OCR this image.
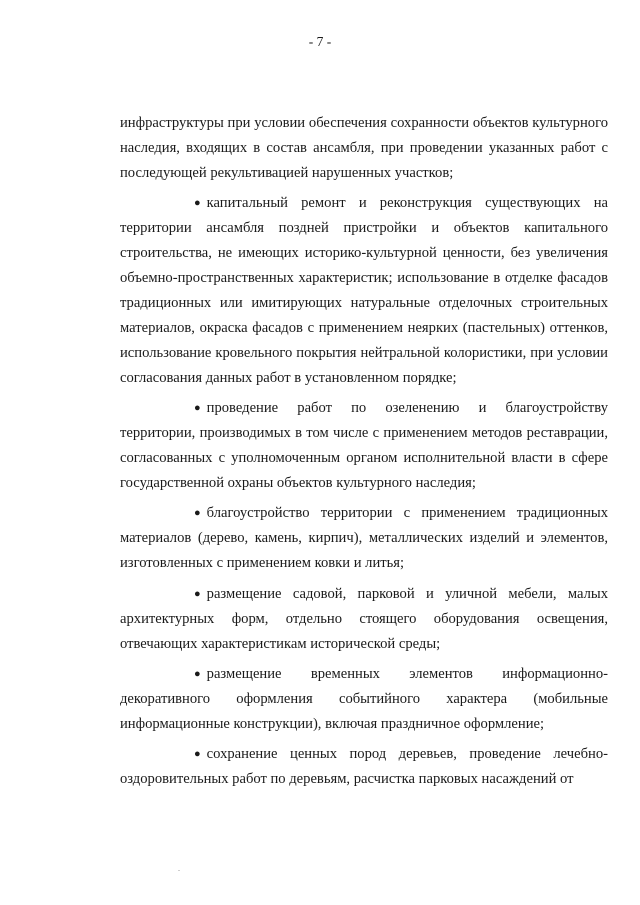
- 7 -

инфраструктуры при условии обеспечения сохранности объектов культурного наследия, входящих в состав ансамбля, при проведении указанных работ с последующей рекультивацией нарушенных участков;

● капитальный ремонт и реконструкция существующих на территории ансамбля поздней пристройки и объектов капитального строительства, не имеющих историко-культурной ценности, без увеличения объемно-пространственных характеристик; использование в отделке фасадов традиционных или имитирующих натуральные отделочных строительных материалов, окраска фасадов с применением неярких (пастельных) оттенков, использование кровельного покрытия нейтральной колористики, при условии согласования данных работ в установленном порядке;

● проведение работ по озеленению и благоустройству территории, производимых в том числе с применением методов реставрации, согласованных с уполномоченным органом исполнительной власти в сфере государственной охраны объектов культурного наследия;

● благоустройство территории с применением традиционных материалов (дерево, камень, кирпич), металлических изделий и элементов, изготовленных с применением ковки и литья;

● размещение садовой, парковой и уличной мебели, малых архитектурных форм, отдельно стоящего оборудования освещения, отвечающих характеристикам исторической среды;

● размещение временных элементов информационно-декоративного оформления событийного характера (мобильные информационные конструкции), включая праздничное оформление;

● сохранение ценных пород деревьев, проведение лечебно-оздоровительных работ по деревьям, расчистка парковых насаждений от
